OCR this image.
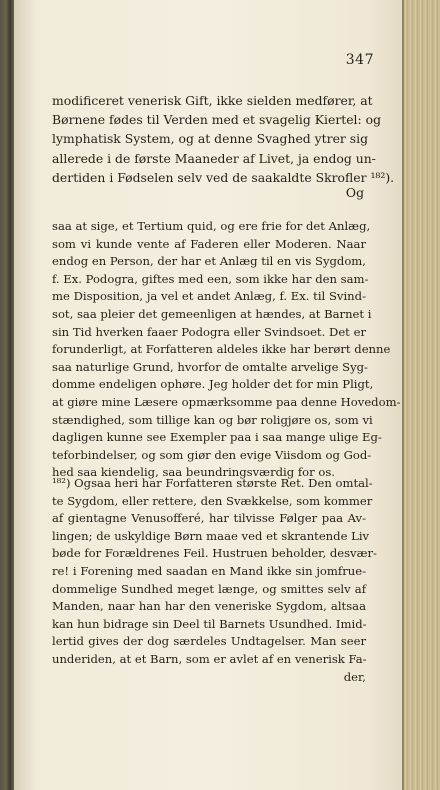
347
modificeret venerisk Gift, ikke sielden medfører, at
Børnene fødes til Verden med et svagelig Kiertel: og
lymphatisk System, og at denne Svaghed ytrer sig
allerede i de første Maaneder af Livet, ja endog un-
dertiden i Fødselen selv ved de saakaldte Skrofler ¹⁸²).
Og
saa at sige, et Tertium quid, og ere frie for det Anlæg,
som vi kunde vente af Faderen eller Moderen. Naar
endog en Person, der har et Anlæg til en vis Sygdom,
f. Ex. Podogra, giftes med een, som ikke har den sam-
me Disposition, ja vel et andet Anlæg, f. Ex. til Svind-
sot, saa pleier det gemeenligen at hændes, at Barnet i
sin Tid hverken faaer Podogra eller Svindsoet. Det er
forunderligt, at Forfatteren aldeles ikke har berørt denne
saa naturlige Grund, hvorfor de omtalte arvelige Syg-
domme endeligen ophøre. Jeg holder det for min Pligt,
at giøre mine Læsere opmærksomme paa denne Hovedom-
stændighed, som tillige kan og bør roligjøre os, som vi
dagligen kunne see Exempler paa i saa mange ulige Eg-
teforbindelser, og som giør den evige Viisdom og God-
hed saa kiendelig, saa beundringsværdig for os.
¹⁸²) Ogsaa heri har Forfatteren største Ret. Den omtal-
te Sygdom, eller rettere, den Svækkelse, som kommer
af gientagne Venusofferé, har tilvisse Følger paa Av-
lingen; de uskyldige Børn maae ved et skrantende Liv
bøde for Forældrenes Feil. Hustruen beholder, desvær-
re! i Forening med saadan en Mand ikke sin jomfrue-
dommelige Sundhed meget længe, og smittes selv af
Manden, naar han har den veneriske Sygdom, altsaa
kan hun bidrage sin Deel til Barnets Usundhed. Imid-
lertid gives der dog særdeles Undtagelser. Man seer
underiden, at et Barn, som er avlet af en venerisk Fa-
der,
